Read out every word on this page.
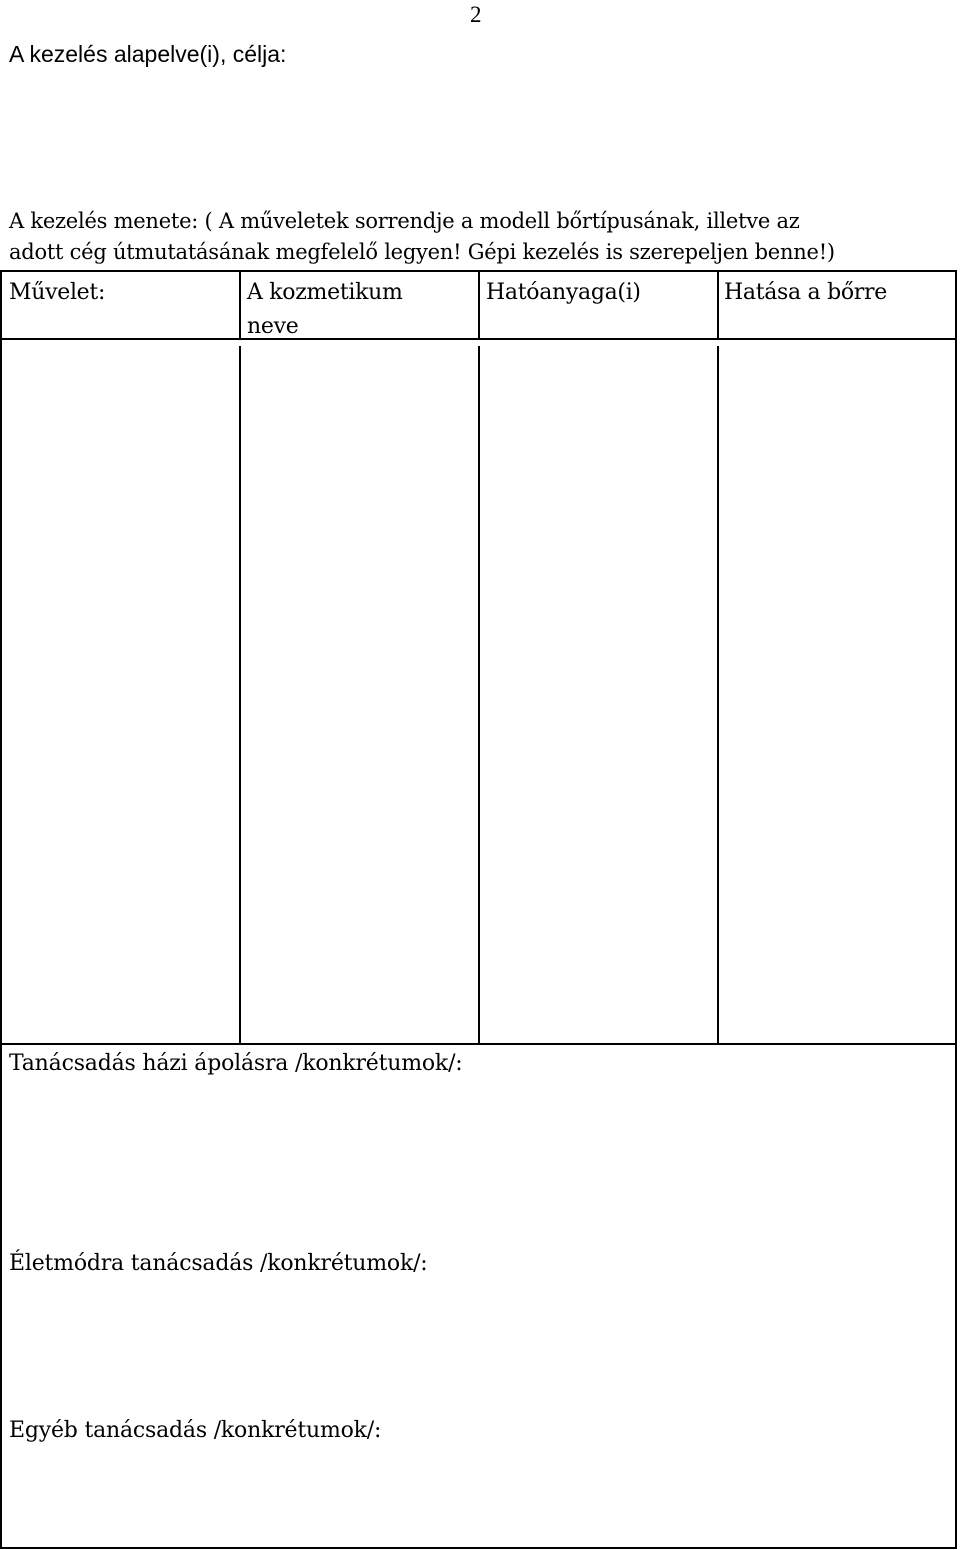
2
A kezelés alapelve(i), célja:
A kezelés menete: ( A műveletek sorrendje a modell bőrtípusának, illetve az
adott cég útmutatásának megfelelő legyen! Gépi kezelés is szerepeljen benne!)
Művelet:	A kozmetikum neve
Hatóanyaga(i)	Hatása a bőrre
Tanácsadás házi ápolásra /konkrétumok/:
Életmódra tanácsadás /konkrétumok/:
Egyéb tanácsadás /konkrétumok/:
